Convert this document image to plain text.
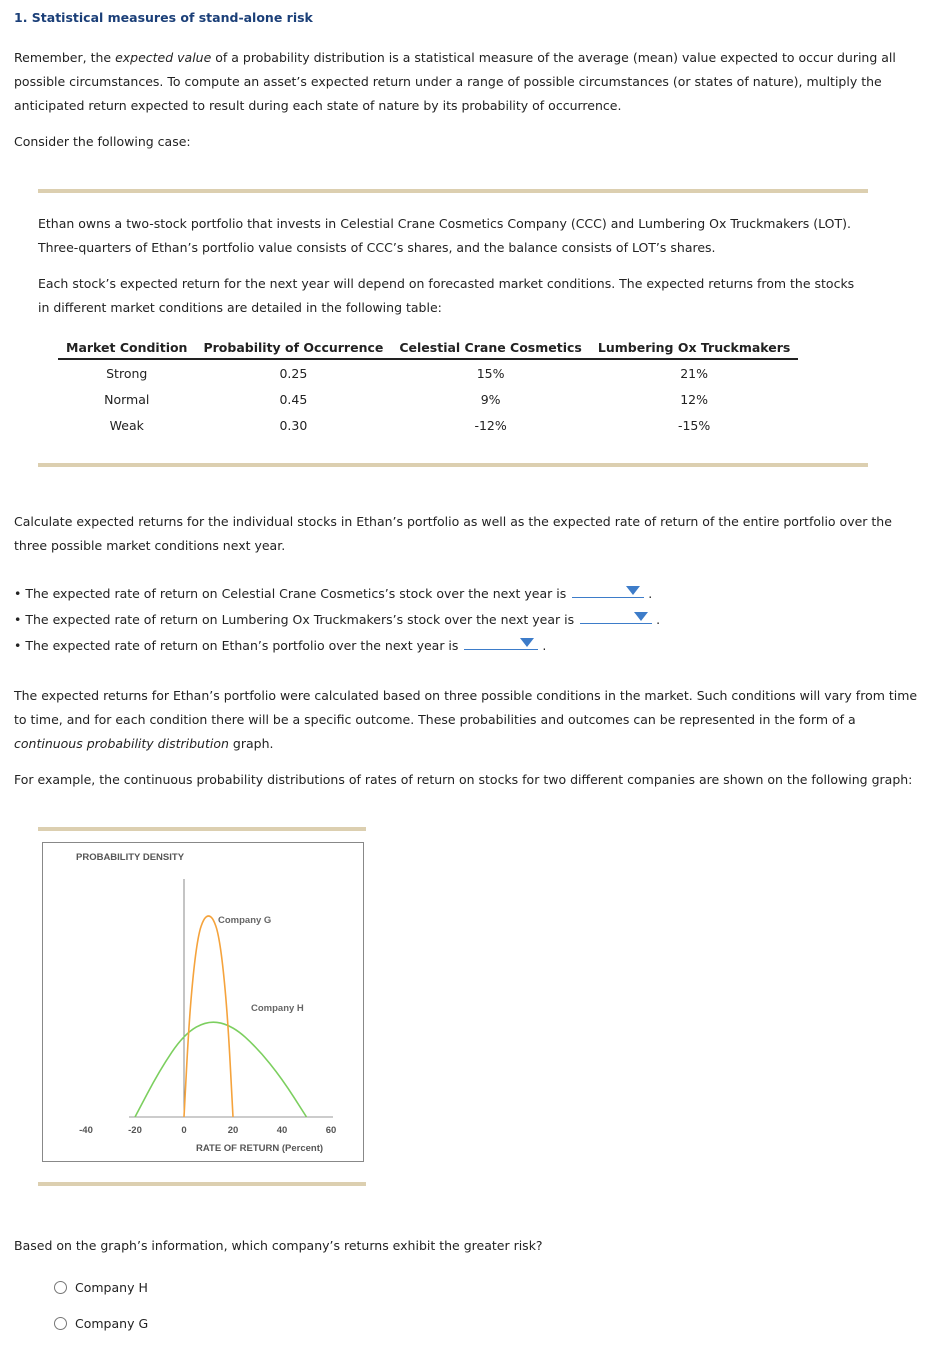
1. Statistical measures of stand-alone risk
Remember, the expected value of a probability distribution is a statistical measure of the average (mean) value expected to occur during all possible circumstances. To compute an asset’s expected return under a range of possible circumstances (or states of nature), multiply the anticipated return expected to result during each state of nature by its probability of occurrence.
Consider the following case:
Ethan owns a two-stock portfolio that invests in Celestial Crane Cosmetics Company (CCC) and Lumbering Ox Truckmakers (LOT). Three-quarters of Ethan’s portfolio value consists of CCC’s shares, and the balance consists of LOT’s shares.
Each stock’s expected return for the next year will depend on forecasted market conditions. The expected returns from the stocks in different market conditions are detailed in the following table:
Market Condition	Probability of Occurrence	Celestial Crane Cosmetics	Lumbering Ox Truckmakers
Strong	0.25	15%	21%
Normal	0.45	9%	12%
Weak	0.30	-12%	-15%
Calculate expected returns for the individual stocks in Ethan’s portfolio as well as the expected rate of return of the entire portfolio over the three possible market conditions next year.
• The expected rate of return on Celestial Crane Cosmetics’s stock over the next year is	.
• The expected rate of return on Lumbering Ox Truckmakers’s stock over the next year is	.
• The expected rate of return on Ethan’s portfolio over the next year is	.
The expected returns for Ethan’s portfolio were calculated based on three possible conditions in the market. Such conditions will vary from time to time, and for each condition there will be a specific outcome. These probabilities and outcomes can be represented in the form of a continuous probability distribution graph.
For example, the continuous probability distributions of rates of return on stocks for two different companies are shown on the following graph:
PROBABILITY DENSITY
-40	-20	0	20	40	60
Company G
Company H
RATE OF RETURN (Percent)
Based on the graph’s information, which company’s returns exhibit the greater risk?
Company H
Company G
